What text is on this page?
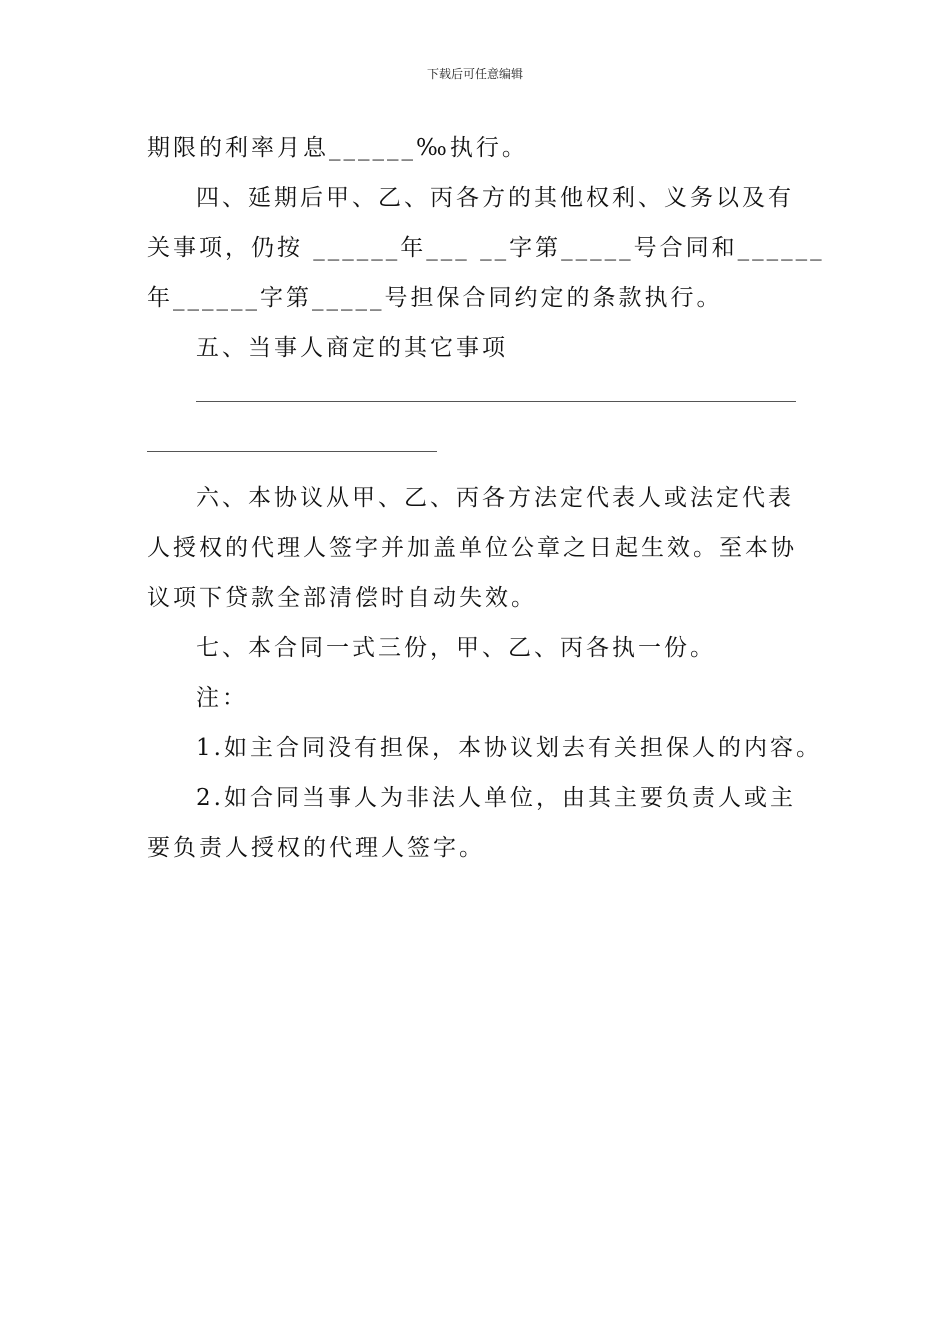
下载后可任意编辑

期限的利率月息______‰执行。

四、延期后甲、乙、丙各方的其他权利、义务以及有

关事项，仍按 ______年___ __字第_____号合同和______

年______字第_____号担保合同约定的条款执行。

五、当事人商定的其它事项

六、本协议从甲、乙、丙各方法定代表人或法定代表

人授权的代理人签字并加盖单位公章之日起生效。至本协

议项下贷款全部清偿时自动失效。

七、本合同一式三份，甲、乙、丙各执一份。

注：

1.如主合同没有担保，本协议划去有关担保人的内容。

2.如合同当事人为非法人单位，由其主要负责人或主

要负责人授权的代理人签字。
